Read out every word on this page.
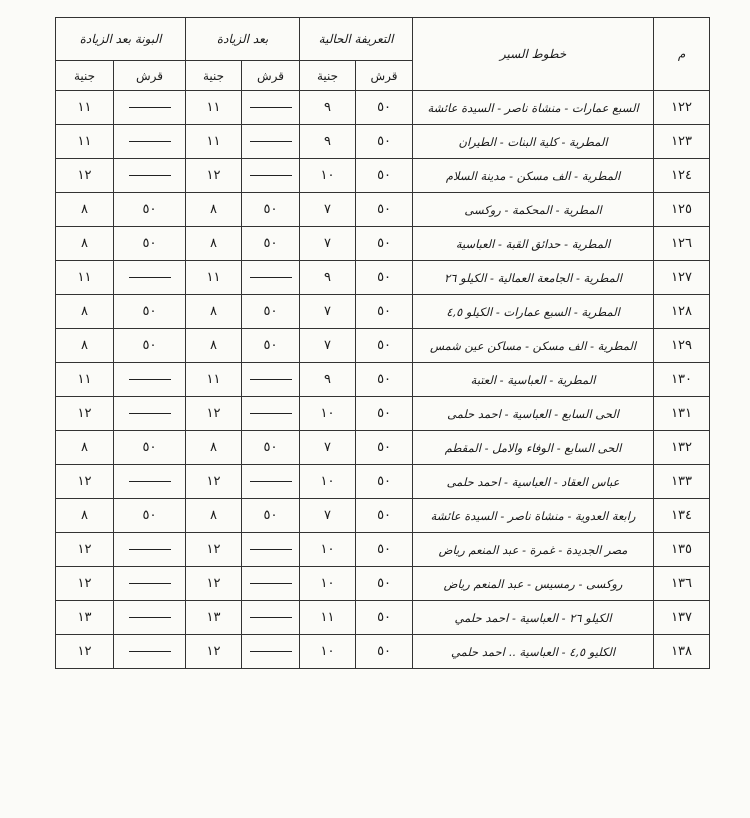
م	خطوط السير	التعريفة الحالية		بعد الزيادة		البونة بعد الزيادة	
		قرش	جنية	قرش	جنية	قرش	جنية
١٢٢	السبع عمارات - منشاة ناصر - السيدة عائشة	٥٠	٩		١١		١١
١٢٣	المطرية - كلية البنات - الطيران	٥٠	٩		١١		١١
١٢٤	المطرية - الف مسكن - مدينة السلام	٥٠	١٠		١٢		١٢
١٢٥	المطرية - المحكمة - روكسى	٥٠	٧	٥٠	٨	٥٠	٨
١٢٦	المطرية - حدائق القبة - العباسية	٥٠	٧	٥٠	٨	٥٠	٨
١٢٧	المطرية - الجامعة العمالية - الكيلو ٢٦	٥٠	٩		١١		١١
١٢٨	المطرية - السبع عمارات - الكيلو ٤,٥	٥٠	٧	٥٠	٨	٥٠	٨
١٢٩	المطرية - الف مسكن - مساكن عين شمس	٥٠	٧	٥٠	٨	٥٠	٨
١٣٠	المطرية - العباسية - العتبة	٥٠	٩		١١		١١
١٣١	الحى السابع - العباسية - احمد حلمى	٥٠	١٠		١٢		١٢
١٣٢	الحى السابع - الوفاء والامل - المقطم	٥٠	٧	٥٠	٨	٥٠	٨
١٣٣	عباس العقاد - العباسية - احمد حلمى	٥٠	١٠		١٢		١٢
١٣٤	رابعة العدوية - منشاة ناصر - السيدة عائشة	٥٠	٧	٥٠	٨	٥٠	٨
١٣٥	مصر الجديدة - غمرة - عبد المنعم رياض	٥٠	١٠		١٢		١٢
١٣٦	روكسى - رمسيس - عبد المنعم رياض	٥٠	١٠		١٢		١٢
١٣٧	الكيلو ٢٦ - العباسية - احمد حلمي	٥٠	١١		١٣		١٣
١٣٨	الكليو ٤,٥ - العباسية .. احمد حلمي	٥٠	١٠		١٢		١٢
